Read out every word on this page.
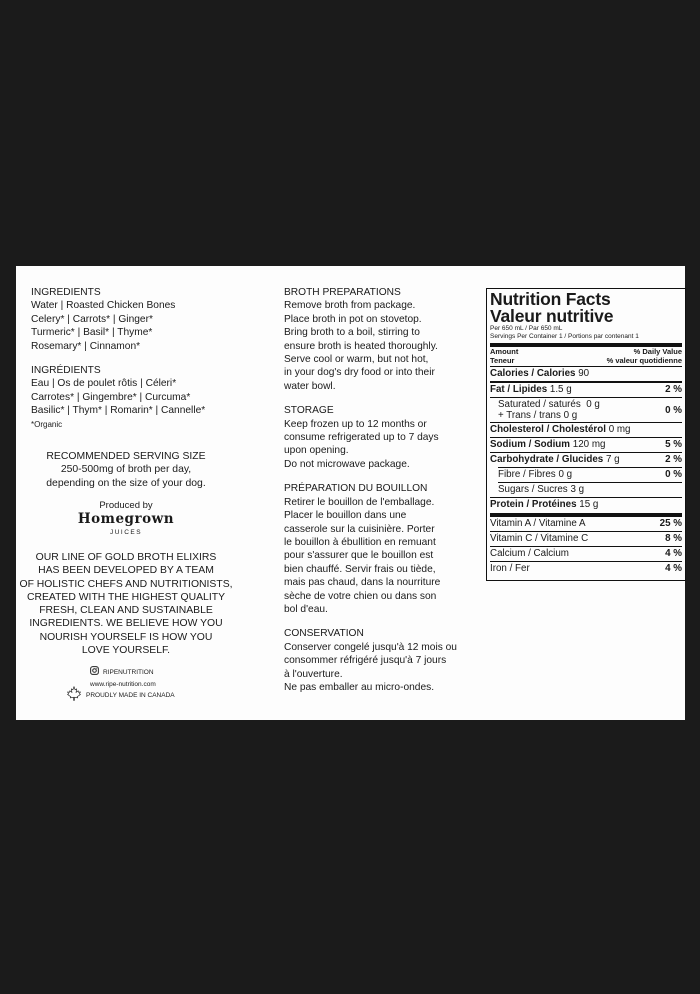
INGREDIENTS

Water | Roasted Chicken Bones

Celery* | Carrots* | Ginger*

Turmeric* | Basil* | Thyme*

Rosemary* | Cinnamon*

INGRÉDIENTS

Eau | Os de poulet rôtis | Céleri*

Carrotes* | Gingembre* | Curcuma*

Basilic* | Thym* | Romarin* | Cannelle*

*Organic

RECOMMENDED SERVING SIZE

250-500mg of broth per day,

depending on the size of your dog.

Produced by
Homegrown
JUICES

OUR LINE OF GOLD BROTH ELIXIRS

HAS BEEN DEVELOPED BY A TEAM

OF HOLISTIC CHEFS AND NUTRITIONISTS,

CREATED WITH THE HIGHEST QUALITY

FRESH, CLEAN AND SUSTAINABLE

INGREDIENTS. WE BELIEVE HOW YOU

NOURISH YOURSELF IS HOW YOU

LOVE YOURSELF.

RIPENUTRITION
www.ripe-nutrition.com
PROUDLY MADE IN CANADA

BROTH PREPARATIONS

Remove broth from package.

Place broth in pot on stovetop.

Bring broth to a boil, stirring to

ensure broth is heated thoroughly.

Serve cool or warm, but not hot,

in your dog's dry food or into their

water bowl.

STORAGE

Keep frozen up to 12 months or

consume refrigerated up to 7 days

upon opening.

Do not microwave package.

PRÉPARATION DU BOUILLON

Retirer le bouillon de l'emballage.

Placer le bouillon dans une

casserole sur la cuisinière. Porter

le bouillon à ébullition en remuant

pour s'assurer que le bouillon est

bien chauffé. Servir frais ou tiède,

mais pas chaud, dans la nourriture

sèche de votre chien ou dans son

bol d'eau.

CONSERVATION

Conserver congelé jusqu'à 12 mois ou

consommer réfrigéré jusqu'à 7 jours

à l'ouverture.

Ne pas emballer au micro-ondes.

Nutrition Facts
Valeur nutritive
Per 650 mL / Par 650 mL
Servings Per Container 1 / Portions par contenant 1
Amount	% Daily Value
Teneur	% valeur quotidienne
Calories / Calories 90
Fat / Lipides 1.5 g	2 %
Saturated / saturés 0 g
+ Trans / trans 0 g	0 %
Cholesterol / Cholestérol 0 mg
Sodium / Sodium 120 mg	5 %
Carbohydrate / Glucides 7 g	2 %
Fibre / Fibres 0 g	0 %
Sugars / Sucres 3 g
Protein / Protéines 15 g
Vitamin A / Vitamine A	25 %
Vitamin C / Vitamine C	8 %
Calcium / Calcium	4 %
Iron / Fer	4 %
